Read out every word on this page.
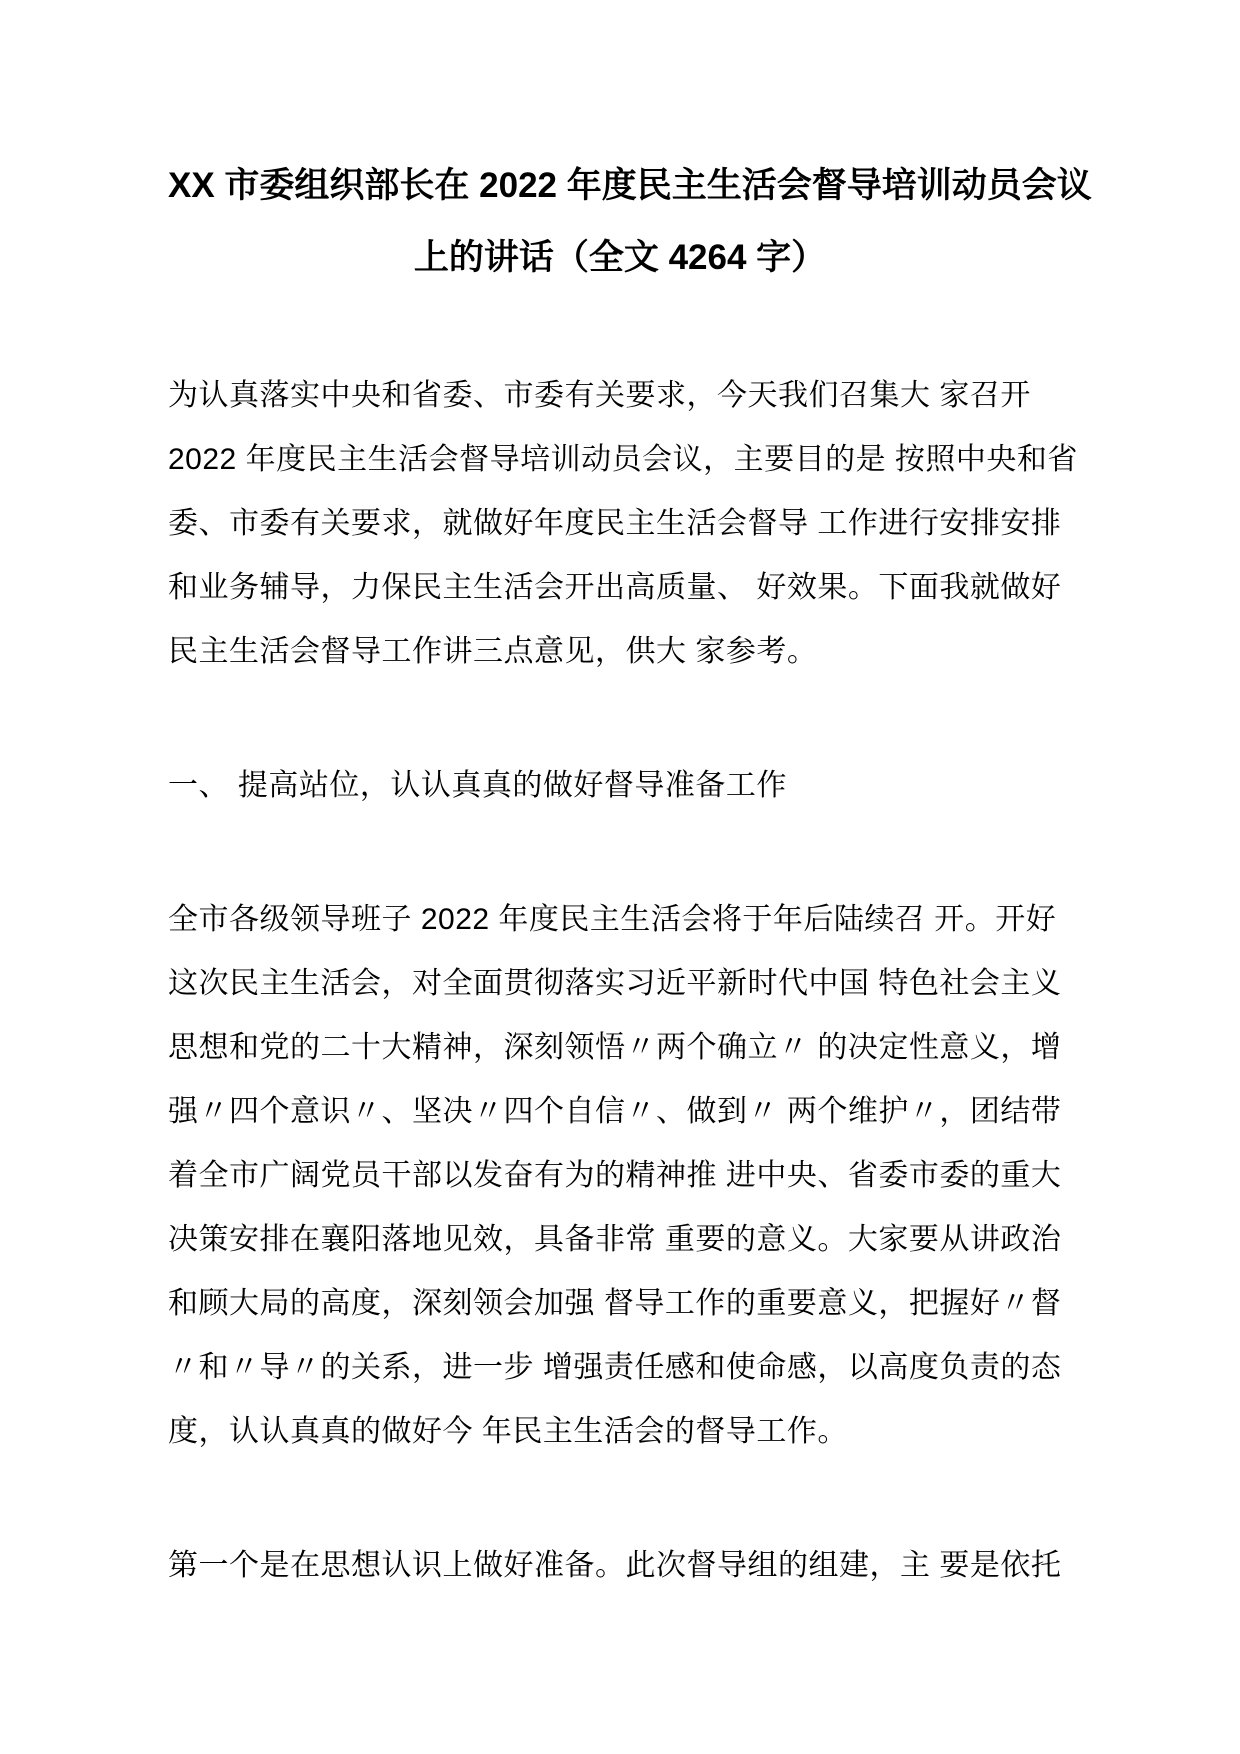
XX 市委组织部长在 2022 年度民主生活会督导培训动员会议
上的讲话（全文 4264 字）
为认真落实中央和省委、市委有关要求，今天我们召集大 家召开
2022 年度民主生活会督导培训动员会议，主要目的是 按照中央和省
委、市委有关要求，就做好年度民主生活会督导 工作进行安排安排
和业务辅导，力保民主生活会开出高质量、 好效果。下面我就做好
民主生活会督导工作讲三点意见，供大 家参考。
一、 提高站位，认认真真的做好督导准备工作
全市各级领导班子 2022 年度民主生活会将于年后陆续召 开。开好
这次民主生活会，对全面贯彻落实习近平新时代中国 特色社会主义
思想和党的二十大精神，深刻领悟〃两个确立〃 的决定性意义，增
强〃四个意识〃、坚决〃四个自信〃、做到〃 两个维护〃，团结带
着全市广阔党员干部以发奋有为的精神推 进中央、省委市委的重大
决策安排在襄阳落地见效，具备非常 重要的意义。大家要从讲政治
和顾大局的高度，深刻领会加强 督导工作的重要意义，把握好〃督
〃和〃导〃的关系，进一步 增强责任感和使命感，以高度负责的态
度，认认真真的做好今 年民主生活会的督导工作。
第一个是在思想认识上做好准备。此次督导组的组建，主 要是依托
